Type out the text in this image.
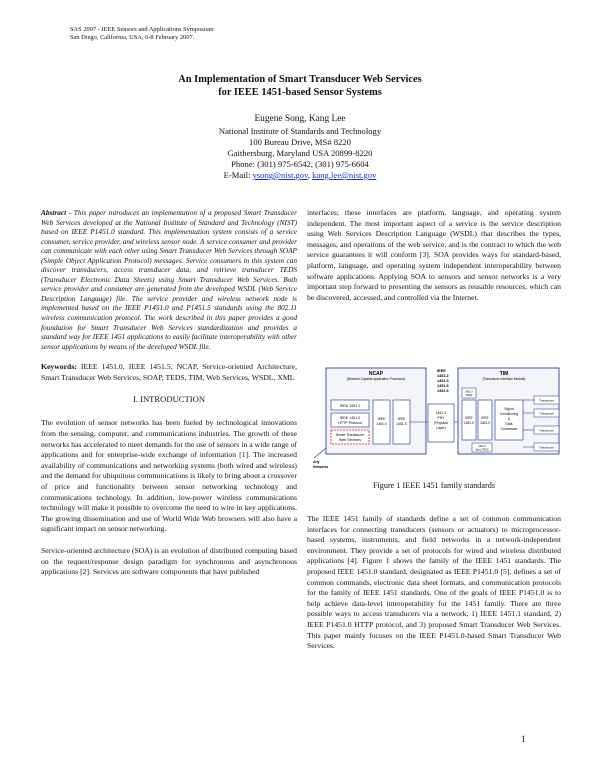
SAS 2007 - IEEE Sensors and Applications Symposium
San Diego, California, USA, 6-8 February 2007.
An Implementation of Smart Transducer Web Services
for IEEE 1451-based Sensor Systems
Eugene Song, Kang Lee
National Institute of Standards and Technology
100 Bureau Drive, MS# 8220
Gaithersburg, Maryland USA 20899-8220
Phone: (301) 975-6542, (301) 975-6604
E-Mail: ysong@nist.gov, kang.lee@nist.gov

Abstract - This paper introduces an implementation of a proposed Smart Transducer Web Services developed at the National Institute of Standard and Technology (NIST) based on IEEE P1451.0 standard. This implementation system consists of a service consumer, service provider, and wireless sensor node. A service consumer and provider can communicate with each other using Smart Transducer Web Services through SOAP (Simple Object Application Protocol) messages. Service consumers in this system can discover transducers, access transducer data, and retrieve transducer TEDS (Transducer Electronic Data Sheets) using Smart Transducer Web Services. Both service provider and consumer are generated from the developed WSDL (Web Service Description Language) file. The service provider and wireless network node is implemented based on the IEEE P1451.0 and P1451.5 standards using the 802.11 wireless communication protocol. The work described in this paper provides a good foundation for Smart Transducer Web Services standardization and provides a standard way for IEEE 1451 applications to easily facilitate interoperability with other sensor applications by means of the developed WSDL file.

Keywords: IEEE 1451.0, IEEE 1451.5, NCAP, Service-oriented Architecture, Smart Transducer Web Services, SOAP, TEDS, TIM, Web Services, WSDL, XML

I. INTRODUCTION

The evolution of sensor networks has been fueled by technological innovations from the sensing, computer, and communications industries. The growth of these networks has accelerated to meet demands for the use of sensors in a wide range of applications and for enterprise-wide exchange of information [1]. The increased availability of communications and networking systems (both wired and wireless) and the demand for ubiquitous communications is likely to bring about a crossover of price and functionality between sensor networking technology and communications technology. In addition, low-power wireless communications technology will make it possible to overcome the need to wire in key applications. The growing dissemination and use of World Wide Web browsers will also have a significant impact on sensor networking.

Service-oriented architecture (SOA) is an evolution of distributed computing based on the request/response design paradigm for synchronous and asynchronous applications [2]. Services are software components that have published

interfaces; these interfaces are platform, language, and operating system independent. The most important aspect of a service is the service description using Web Services Description Language (WSDL) that describes the types, messages, and operations of the web service, and is the contract to which the web service guarantees it will conform [3]. SOA provides ways for standard-based, platform, language, and operating system independent interoperability between software applications. Applying SOA to sensors and sensor networks is a very important step forward to presenting the sensors as reusable resources, which can be discovered, accessed, and controlled via the Internet.

NCAP
(Network Capable Application Processor)
IEEE 1451.1
IEEE 1451.0
HTTP Protocol
Smart Transducer
Web Services
IEEE
1451.0
IEEE
1451.X
IEEE
1451.2
1451.3
1451.5
1451.6
1451.X
PHY
(Physical
Layer)
TIM
(Transducer Interface Module)
IEEE
1451.X
IEEE
1451.0
1451.X
TEDS
1451.0
Basic TEDS
Signal
Conditioning
&
Data
Conversion
Transducer
Transducer
Transducer
Transducer
Any
Networks
Figure 1 IEEE 1451 family standards

The IEEE 1451 family of standards define a set of common communication interfaces for connecting transducers (sensors or actuators) to microprocessor-based systems, instruments, and field networks in a network-independent environment. They provide a set of protocols for wired and wireless distributed applications [4]. Figure 1 shows the family of the IEEE 1451 standards. The proposed IEEE 1451.0 standard, designated as IEEE P1451.0 [5], defines a set of common commands, electronic data sheet formats, and communication protocols for the family of IEEE 1451 standards. One of the goals of IEEE P1451.0 is to help achieve data-level interoperability for the 1451 family. There are three possible ways to access transducers via a network, 1) IEEE 1451.1 standard, 2) IEEE P1451.0 HTTP protocol, and 3) proposed Smart Transducer Web Services. This paper mainly focuses on the IEEE P1451.0-based Smart Transducer Web Services.

1
